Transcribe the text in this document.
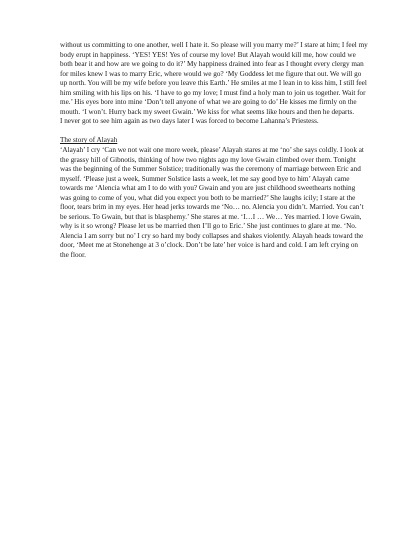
without us committing to one another, well I hate it. So please will you marry me?’ I stare at him; I feel my body erupt in happiness. ‘YES! YES! Yes of course my love! But Alayah would kill me, how could we both bear it and how are we going to do it?’ My happiness drained into fear as I thought every clergy man for miles knew I was to marry Eric, where would we go? ‘My Goddess let me figure that out. We will go up north. You will be my wife before you leave this Earth.’ He smiles at me I lean in to kiss him, I still feel him smiling with his lips on his. ‘I have to go my love; I must find a holy man to join us together. Wait for me.’ His eyes bore into mine ‘Don’t tell anyone of what we are going to do’ He kisses me firmly on the mouth. ‘I won’t. Hurry back my sweet Gwain.’ We kiss for what seems like hours and then he departs.

I never got to see him again as two days later I was forced to become Lahanna’s Priestess.

The story of Alayah

‘Alayah’ I cry ‘Can we not wait one more week, please’ Alayah stares at me ‘no’ she says coldly. I look at the grassy hill of Gibnotis, thinking of how two nights ago my love Gwain climbed over them. Tonight was the beginning of the Summer Solstice; traditionally was the ceremony of marriage between Eric and myself. ‘Please just a week, Summer Solstice lasts a week, let me say good bye to him’ Alayah came towards me ‘Alencia what am I to do with you? Gwain and you are just childhood sweethearts nothing was going to come of you, what did you expect you both to be married?’ She laughs icily; I stare at the floor, tears brim in my eyes. Her head jerks towards me ‘No… no. Alencia you didn’t. Married. You can’t be serious. To Gwain, but that is blasphemy.’ She stares at me. ‘I…I … We… Yes married. I love Gwain, why is it so wrong? Please let us be married then I’ll go to Eric.’ She just continues to glare at me. ‘No. Alencia I am sorry but no’ I cry so hard my body collapses and shakes violently. Alayah heads toward the door, ‘Meet me at Stonehenge at 3 o’clock. Don’t be late’ her voice is hard and cold. I am left crying on the floor.
